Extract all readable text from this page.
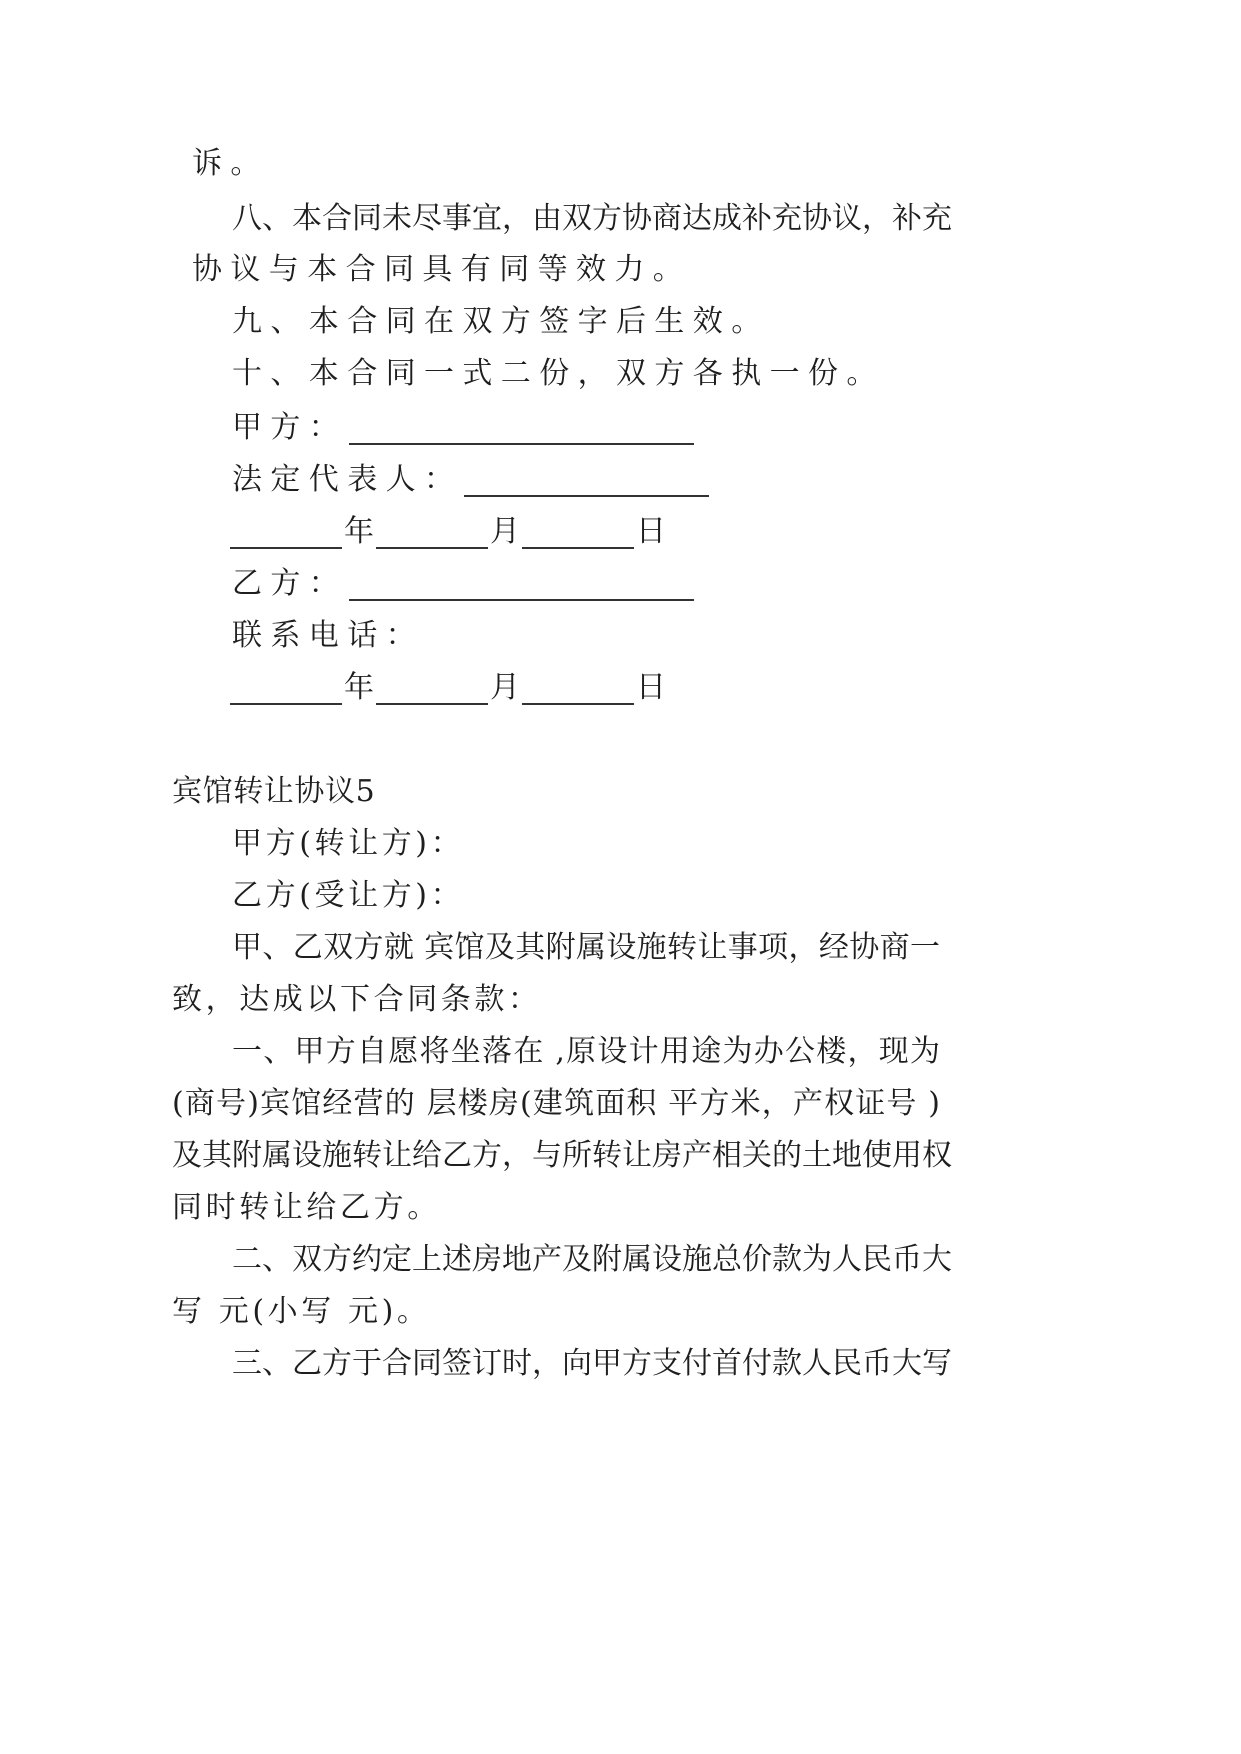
诉。
八、本合同未尽事宜，由双方协商达成补充协议，补充
协议与本合同具有同等效力。
九、本合同在双方签字后生效。
十、本合同一式二份，双方各执一份。
甲方：
法定代表人：
年	月	日
乙方：
联系电话：
年	月	日
宾馆转让协议5
甲方(转让方)：
乙方(受让方)：
甲、乙双方就 宾馆及其附属设施转让事项，经协商一
致，达成以下合同条款：
一、甲方自愿将坐落在 ,原设计用途为办公楼，现为
(商号)宾馆经营的 层楼房(建筑面积 平方米，产权证号 )
及其附属设施转让给乙方，与所转让房产相关的土地使用权
同时转让给乙方。
二、双方约定上述房地产及附属设施总价款为人民币大
写 元(小写 元)。
三、乙方于合同签订时，向甲方支付首付款人民币大写
